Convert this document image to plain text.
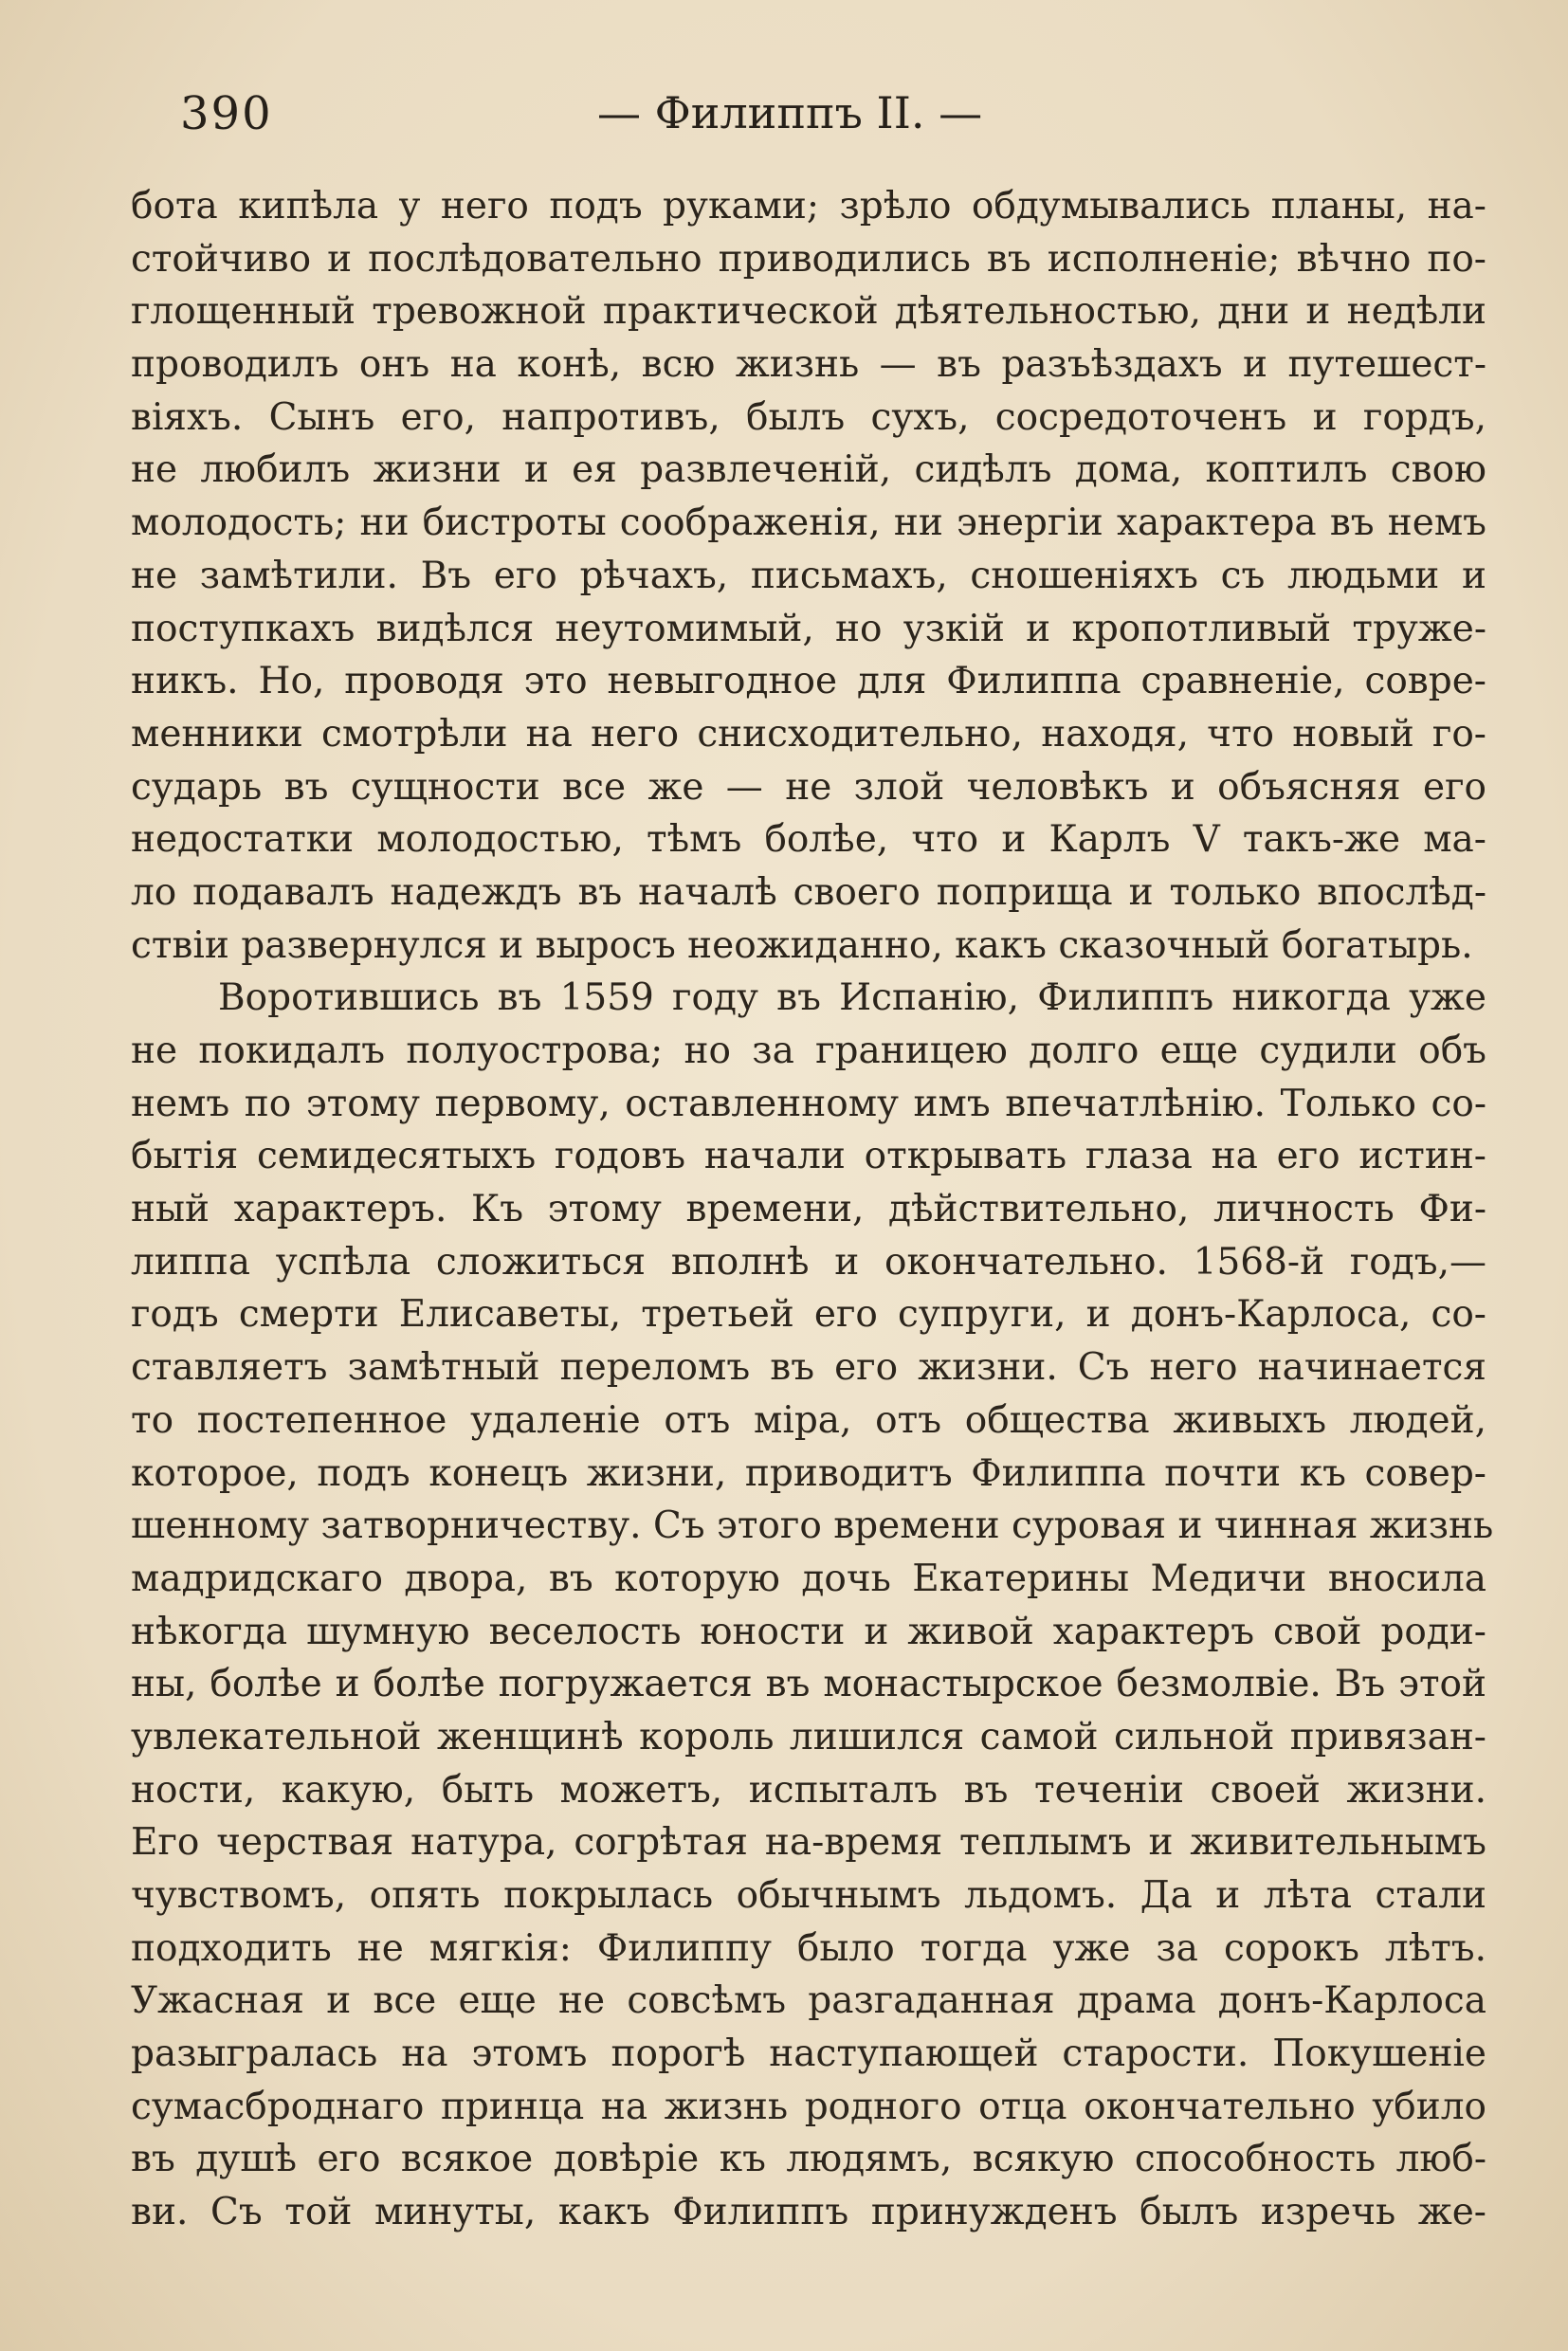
390	— Филиппъ II. —
бота кипѣла у него подъ руками; зрѣло обдумывались планы, на-
стойчиво и послѣдовательно приводились въ исполненіе; вѣчно по-
глощенный тревожной практической дѣятельностью, дни и недѣли
проводилъ онъ на конѣ, всю жизнь — въ разъѣздахъ и путешест-
віяхъ. Сынъ его, напротивъ, былъ сухъ, сосредоточенъ и гордъ,
не любилъ жизни и ея развлеченій, сидѣлъ дома, коптилъ свою
молодость; ни бистроты соображенія, ни энергіи характера въ немъ
не замѣтили. Въ его рѣчахъ, письмахъ, сношеніяхъ съ людьми и
поступкахъ видѣлся неутомимый, но узкій и кропотливый труже-
никъ. Но, проводя это невыгодное для Филиппа сравненіе, совре-
менники смотрѣли на него снисходительно, находя, что новый го-
сударь въ сущности все же — не злой человѣкъ и объясняя его
недостатки молодостью, тѣмъ болѣе, что и Карлъ V такъ-же ма-
ло подавалъ надеждъ въ началѣ своего поприща и только впослѣд-
ствіи развернулся и выросъ неожиданно, какъ сказочный богатырь.
Воротившись въ 1559 году въ Испанію, Филиппъ никогда уже
не покидалъ полуострова; но за границею долго еще судили объ
немъ по этому первому, оставленному имъ впечатлѣнію. Только со-
бытія семидесятыхъ годовъ начали открывать глаза на его истин-
ный характеръ. Къ этому времени, дѣйствительно, личность Фи-
липпа успѣла сложиться вполнѣ и окончательно. 1568-й годъ,—
годъ смерти Елисаветы, третьей его супруги, и донъ-Карлоса, со-
ставляетъ замѣтный переломъ въ его жизни. Съ него начинается
то постепенное удаленіе отъ міра, отъ общества живыхъ людей,
которое, подъ конецъ жизни, приводитъ Филиппа почти къ совер-
шенному затворничеству. Съ этого времени суровая и чинная жизнь
мадридскаго двора, въ которую дочь Екатерины Медичи вносила
нѣкогда шумную веселость юности и живой характеръ свой роди-
ны, болѣе и болѣе погружается въ монастырское безмолвіе. Въ этой
увлекательной женщинѣ король лишился самой сильной привязан-
ности, какую, быть можетъ, испыталъ въ теченіи своей жизни.
Его черствая натура, согрѣтая на-время теплымъ и живительнымъ
чувствомъ, опять покрылась обычнымъ льдомъ. Да и лѣта стали
подходить не мягкія: Филиппу было тогда уже за сорокъ лѣтъ.
Ужасная и все еще не совсѣмъ разгаданная драма донъ-Карлоса
разыгралась на этомъ порогѣ наступающей старости. Покушеніе
сумасброднаго принца на жизнь родного отца окончательно убило
въ душѣ его всякое довѣріе къ людямъ, всякую способность люб-
ви. Съ той минуты, какъ Филиппъ принужденъ былъ изречь же-
